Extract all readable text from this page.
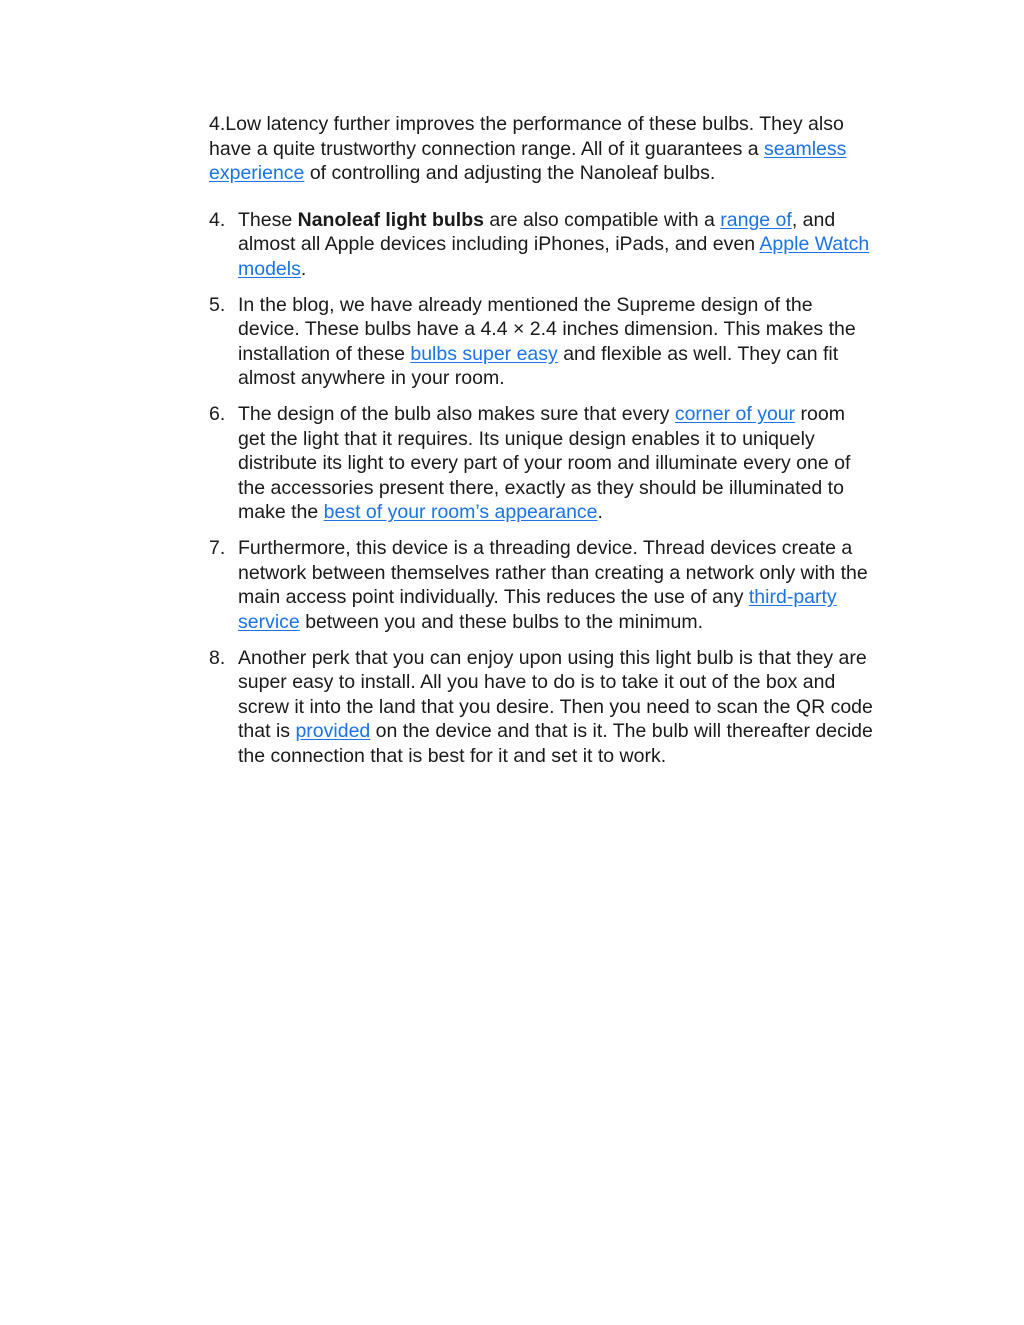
4.Low latency further improves the performance of these bulbs. They also have a quite trustworthy connection range. All of it guarantees a seamless experience of controlling and adjusting the Nanoleaf bulbs.

4. These Nanoleaf light bulbs are also compatible with a range of, and almost all Apple devices including iPhones, iPads, and even Apple Watch models.
5. In the blog, we have already mentioned the Supreme design of the device. These bulbs have a 4.4 × 2.4 inches dimension. This makes the installation of these bulbs super easy and flexible as well. They can fit almost anywhere in your room.
6. The design of the bulb also makes sure that every corner of your room get the light that it requires. Its unique design enables it to uniquely distribute its light to every part of your room and illuminate every one of the accessories present there, exactly as they should be illuminated to make the best of your room’s appearance.
7. Furthermore, this device is a threading device. Thread devices create a network between themselves rather than creating a network only with the main access point individually. This reduces the use of any third-party service between you and these bulbs to the minimum.
8. Another perk that you can enjoy upon using this light bulb is that they are super easy to install. All you have to do is to take it out of the box and screw it into the land that you desire. Then you need to scan the QR code that is provided on the device and that is it. The bulb will thereafter decide the connection that is best for it and set it to work.
